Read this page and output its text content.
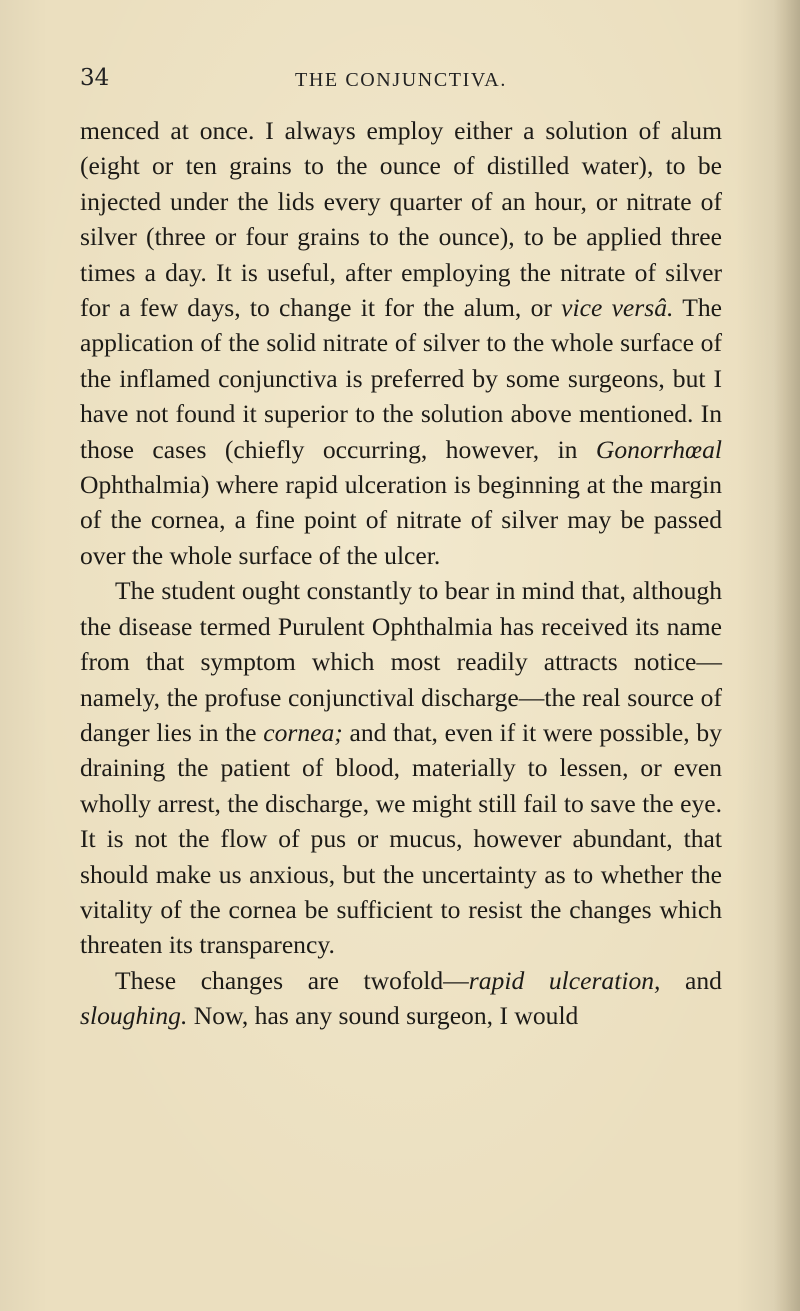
34	THE CONJUNCTIVA.

menced at once. I always employ either a solution of alum (eight or ten grains to the ounce of distilled water), to be injected under the lids every quarter of an hour, or nitrate of silver (three or four grains to the ounce), to be applied three times a day. It is useful, after employing the nitrate of silver for a few days, to change it for the alum, or vice versâ. The application of the solid nitrate of silver to the whole surface of the inflamed conjunctiva is preferred by some surgeons, but I have not found it superior to the solution above mentioned. In those cases (chiefly occurring, however, in Gonorrhœal Ophthalmia) where rapid ulceration is beginning at the margin of the cornea, a fine point of nitrate of silver may be passed over the whole surface of the ulcer.

The student ought constantly to bear in mind that, although the disease termed Purulent Ophthalmia has received its name from that symptom which most readily attracts notice—namely, the profuse conjunctival discharge—the real source of danger lies in the cornea; and that, even if it were possible, by draining the patient of blood, materially to lessen, or even wholly arrest, the discharge, we might still fail to save the eye. It is not the flow of pus or mucus, however abundant, that should make us anxious, but the uncertainty as to whether the vitality of the cornea be sufficient to resist the changes which threaten its transparency.

These changes are twofold—rapid ulceration, and sloughing. Now, has any sound surgeon, I would
